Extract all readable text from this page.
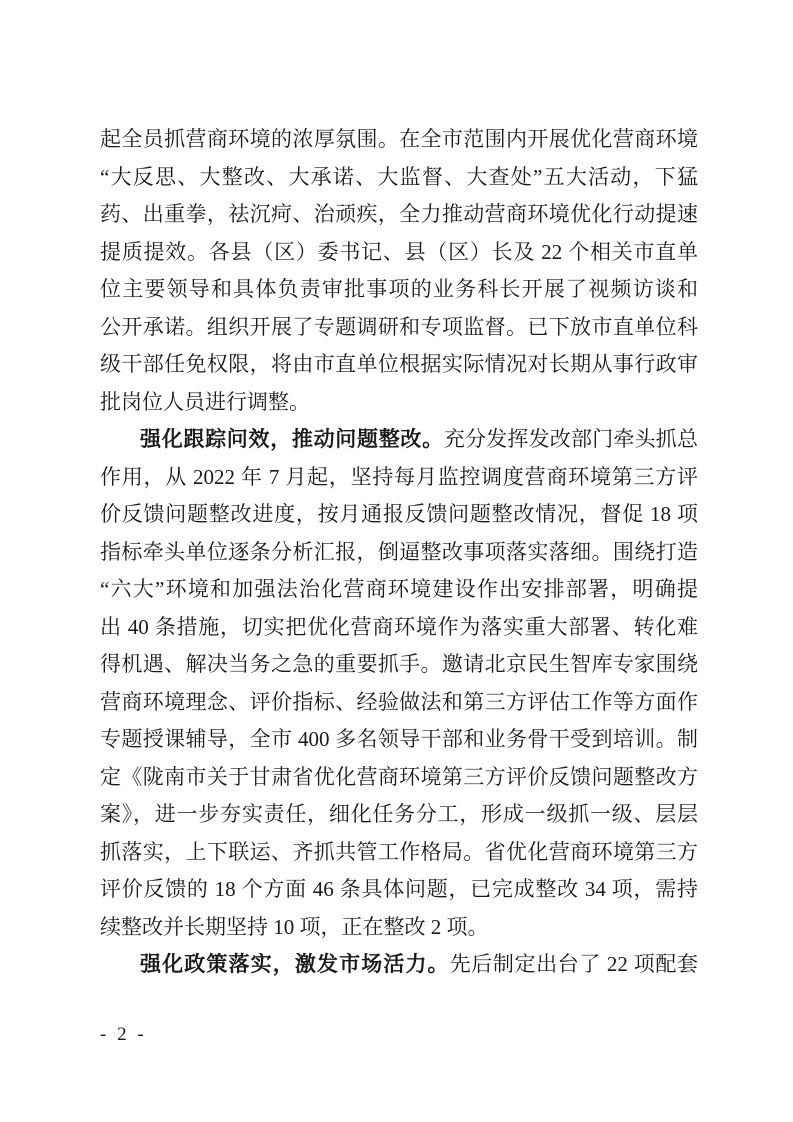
起全员抓营商环境的浓厚氛围。在全市范围内开展优化营商环境
“大反思、大整改、大承诺、大监督、大查处”五大活动，下猛
药、出重拳，祛沉疴、治顽疾，全力推动营商环境优化行动提速
提质提效。各县（区）委书记、县（区）长及 22 个相关市直单
位主要领导和具体负责审批事项的业务科长开展了视频访谈和
公开承诺。组织开展了专题调研和专项监督。已下放市直单位科
级干部任免权限，将由市直单位根据实际情况对长期从事行政审
批岗位人员进行调整。
强化跟踪问效，推动问题整改。充分发挥发改部门牵头抓总
作用，从 2022 年 7 月起，坚持每月监控调度营商环境第三方评
价反馈问题整改进度，按月通报反馈问题整改情况，督促 18 项
指标牵头单位逐条分析汇报，倒逼整改事项落实落细。围绕打造
“六大”环境和加强法治化营商环境建设作出安排部署，明确提
出 40 条措施，切实把优化营商环境作为落实重大部署、转化难
得机遇、解决当务之急的重要抓手。邀请北京民生智库专家围绕
营商环境理念、评价指标、经验做法和第三方评估工作等方面作
专题授课辅导，全市 400 多名领导干部和业务骨干受到培训。制
定《陇南市关于甘肃省优化营商环境第三方评价反馈问题整改方
案》，进一步夯实责任，细化任务分工，形成一级抓一级、层层
抓落实，上下联运、齐抓共管工作格局。省优化营商环境第三方
评价反馈的 18 个方面 46 条具体问题，已完成整改 34 项，需持
续整改并长期坚持 10 项，正在整改 2 项。
强化政策落实，激发市场活力。先后制定出台了 22 项配套
- 2 -
